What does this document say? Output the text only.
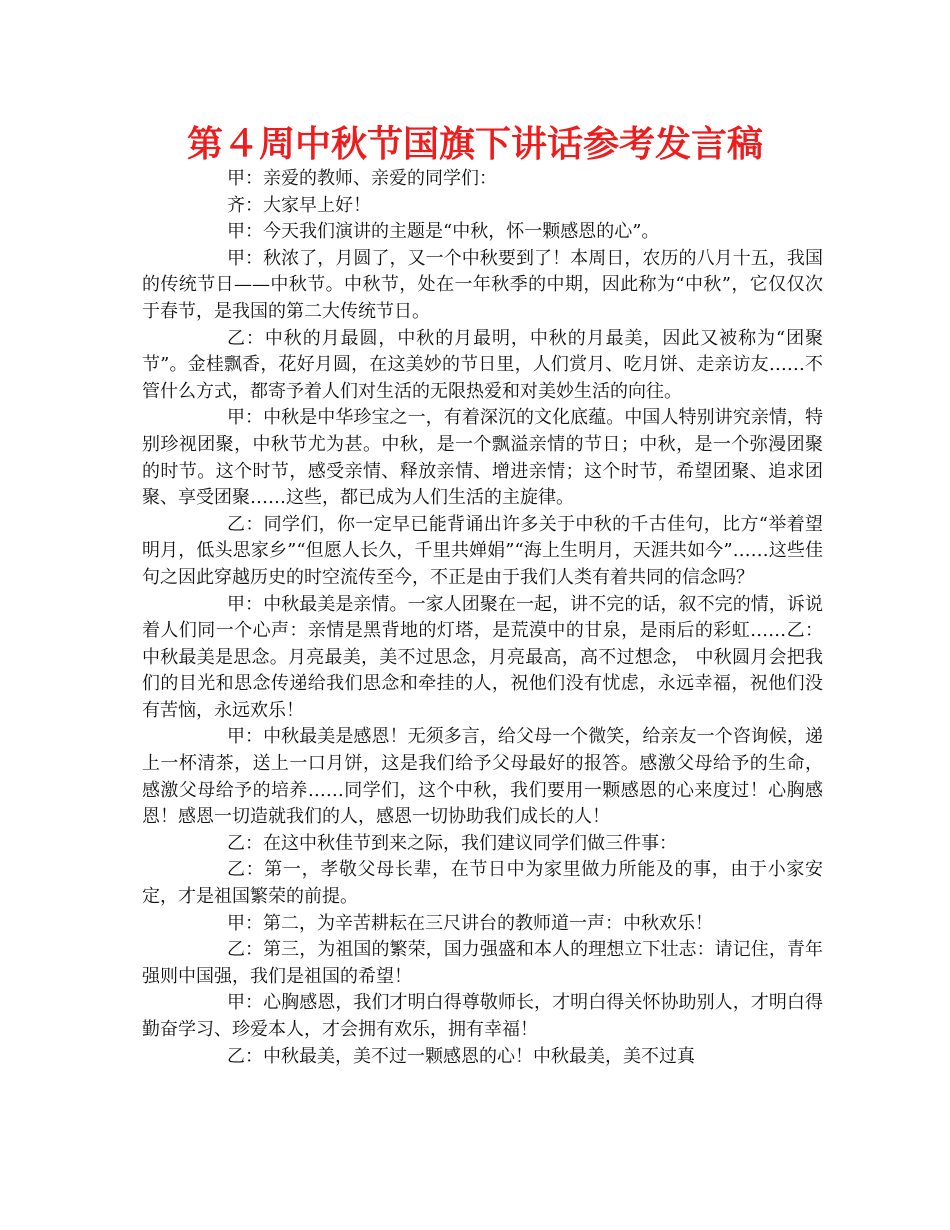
第４周中秋节国旗下讲话参考发言稿

甲：亲爱的教师、亲爱的同学们：

齐：大家早上好！

甲：今天我们演讲的主题是“中秋，怀一颗感恩的心”。

甲：秋浓了，月圆了，又一个中秋要到了！本周日，农历的八月十五，我国的传统节日——中秋节。中秋节，处在一年秋季的中期，因此称为“中秋”，它仅仅次于春节，是我国的第二大传统节日。

乙：中秋的月最圆，中秋的月最明，中秋的月最美，因此又被称为“团聚节”。金桂飘香，花好月圆，在这美妙的节日里，人们赏月、吃月饼、走亲访友……不管什么方式，都寄予着人们对生活的无限热爱和对美妙生活的向往。

甲：中秋是中华珍宝之一，有着深沉的文化底蕴。中国人特别讲究亲情，特别珍视团聚，中秋节尤为甚。中秋，是一个飘溢亲情的节日；中秋，是一个弥漫团聚的时节。这个时节，感受亲情、释放亲情、增进亲情；这个时节，希望团聚、追求团聚、享受团聚……这些，都已成为人们生活的主旋律。

乙：同学们，你一定早已能背诵出许多关于中秋的千古佳句，比方“举着望明月，低头思家乡”“但愿人长久，千里共婵娟”“海上生明月，天涯共如今”……这些佳句之因此穿越历史的时空流传至今，不正是由于我们人类有着共同的信念吗？

甲：中秋最美是亲情。一家人团聚在一起，讲不完的话，叙不完的情，诉说着人们同一个心声：亲情是黑背地的灯塔，是荒漠中的甘泉，是雨后的彩虹……乙：中秋最美是思念。月亮最美，美不过思念，月亮最高，高不过想念， 中秋圆月会把我们的目光和思念传递给我们思念和牵挂的人，祝他们没有忧虑，永远幸福，祝他们没有苦恼，永远欢乐！

甲：中秋最美是感恩！无须多言，给父母一个微笑，给亲友一个咨询候，递上一杯清茶，送上一口月饼，这是我们给予父母最好的报答。感激父母给予的生命，感激父母给予的培养……同学们，这个中秋，我们要用一颗感恩的心来度过！心胸感恩！感恩一切造就我们的人，感恩一切协助我们成长的人！

乙：在这中秋佳节到来之际，我们建议同学们做三件事：

乙：第一，孝敬父母长辈，在节日中为家里做力所能及的事，由于小家安定，才是祖国繁荣的前提。

甲：第二，为辛苦耕耘在三尺讲台的教师道一声：中秋欢乐！

乙：第三，为祖国的繁荣，国力强盛和本人的理想立下壮志：请记住，青年强则中国强，我们是祖国的希望！

甲：心胸感恩，我们才明白得尊敬师长，才明白得关怀协助别人，才明白得勤奋学习、珍爱本人，才会拥有欢乐，拥有幸福！

乙：中秋最美，美不过一颗感恩的心！中秋最美，美不过真
